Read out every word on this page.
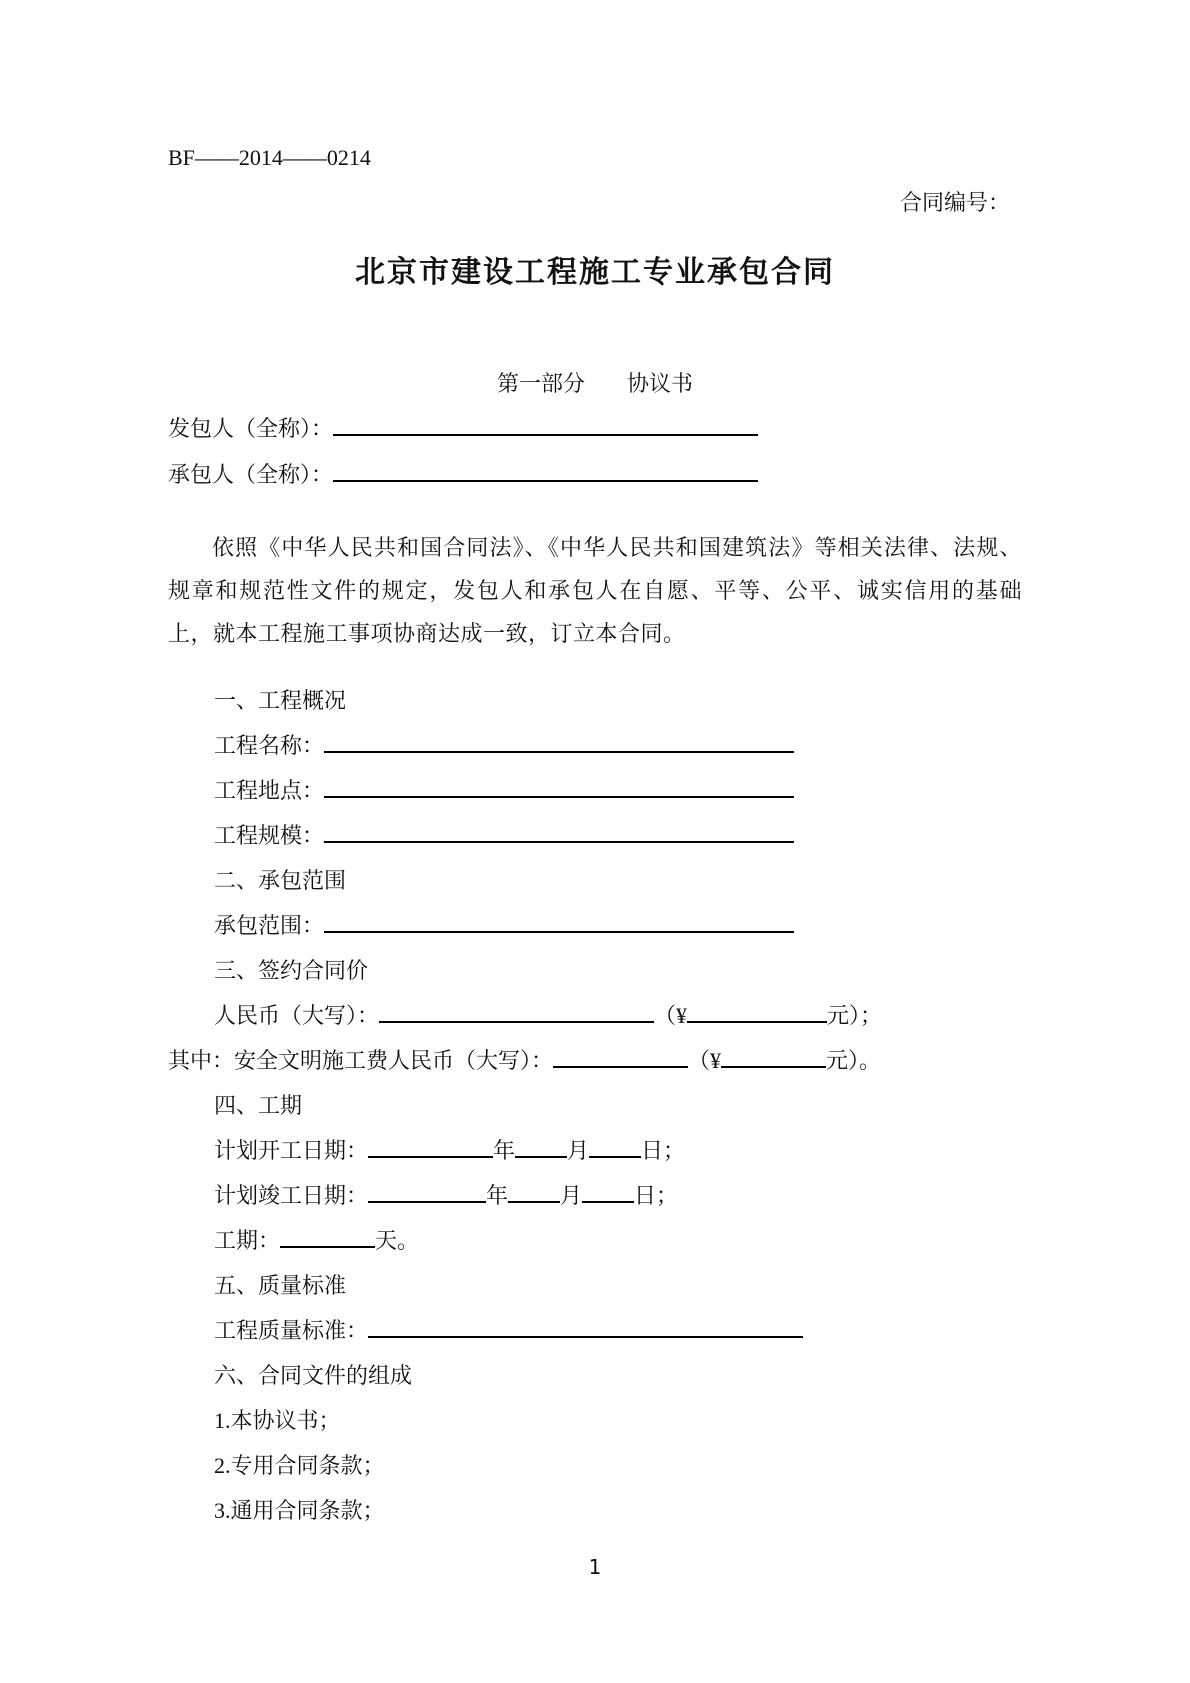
BF——2014——0214
合同编号：
北京市建设工程施工专业承包合同
第一部分 协议书
发包人（全称）：
承包人（全称）：

依照《中华人民共和国合同法》、《中华人民共和国建筑法》等相关法律、法规、规章和规范性文件的规定，发包人和承包人在自愿、平等、公平、诚实信用的基础上，就本工程施工事项协商达成一致，订立本合同。

一、工程概况
工程名称：
工程地点：
工程规模：
二、承包范围
承包范围：
三、签约合同价
人民币（大写）：	（¥	元）；
其中：安全文明施工费人民币（大写）：	（¥	元）。
四、工期
计划开工日期：	年 月 日；
计划竣工日期：	年 月 日；
工期：	天。
五、质量标准
工程质量标准：
六、合同文件的组成
1.本协议书；
2.专用合同条款；
3.通用合同条款；
1
